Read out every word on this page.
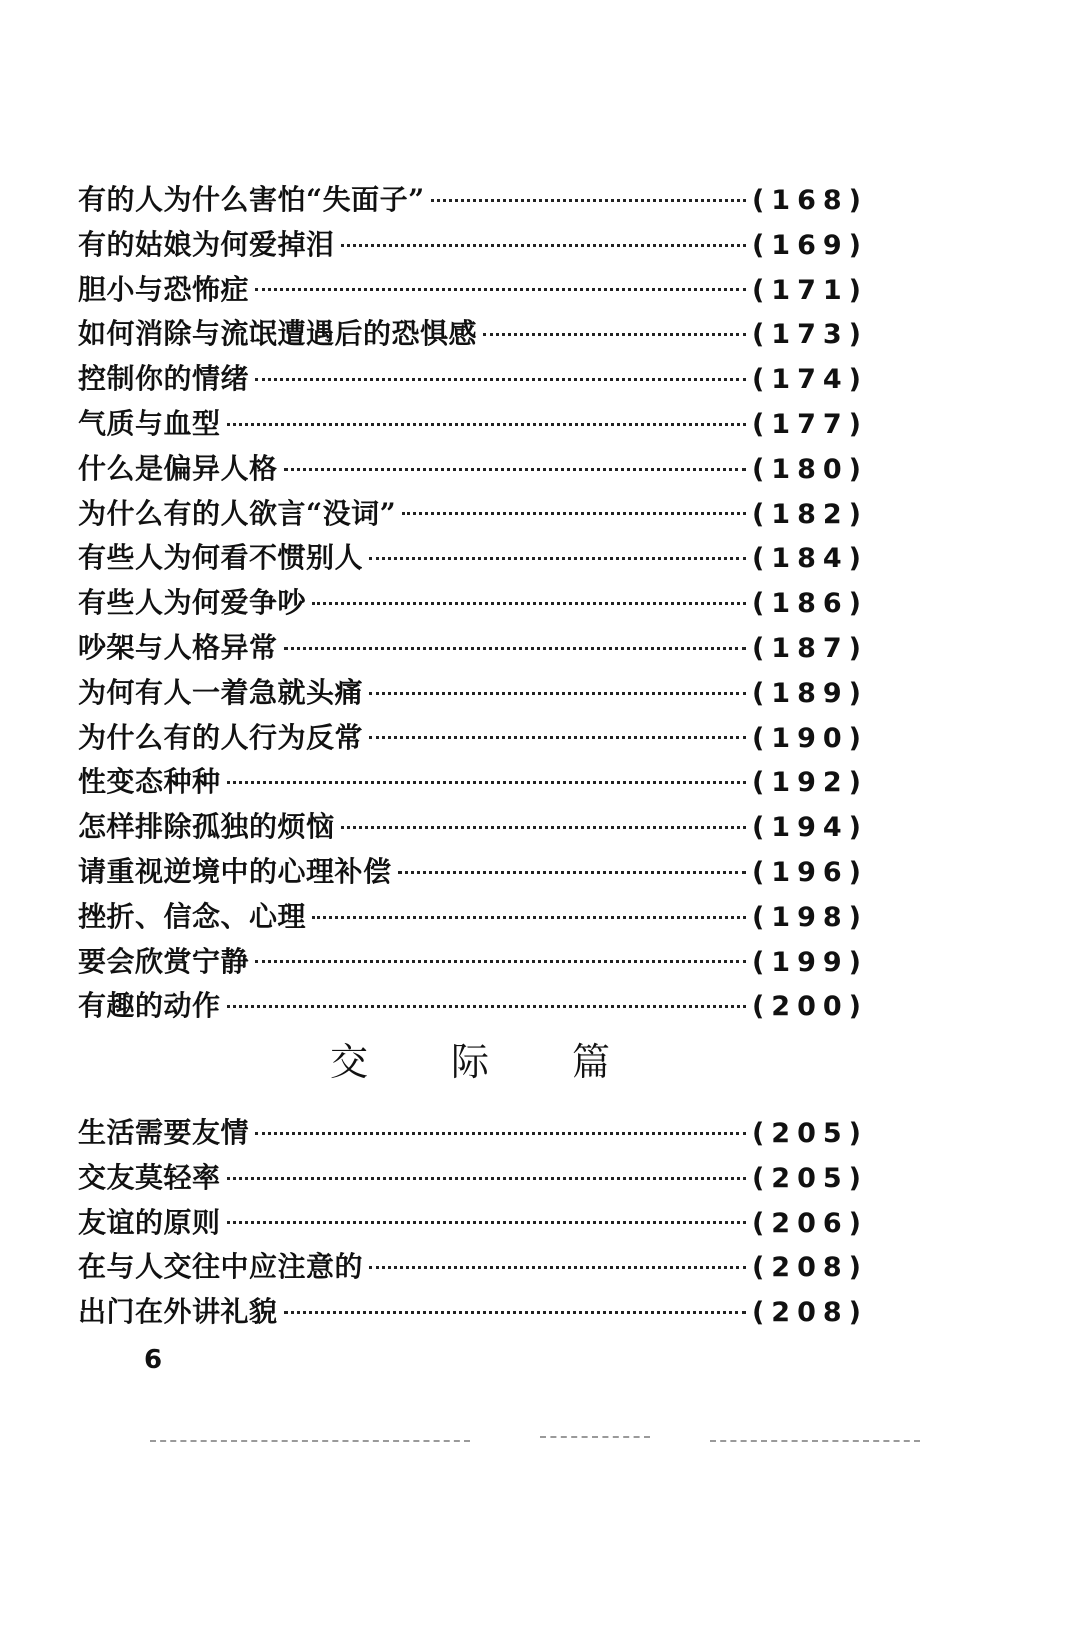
有的人为什么害怕“失面子”	(168)
有的姑娘为何爱掉泪	(169)
胆小与恐怖症	(171)
如何消除与流氓遭遇后的恐惧感	(173)
控制你的情绪	(174)
气质与血型	(177)
什么是偏异人格	(180)
为什么有的人欲言“没词”	(182)
有些人为何看不惯别人	(184)
有些人为何爱争吵	(186)
吵架与人格异常	(187)
为何有人一着急就头痛	(189)
为什么有的人行为反常	(190)
性变态种种	(192)
怎样排除孤独的烦恼	(194)
请重视逆境中的心理补偿	(196)
挫折、信念、心理	(198)
要会欣赏宁静	(199)
有趣的动作	(200)
交 际 篇
生活需要友情	(205)
交友莫轻率	(205)
友谊的原则	(206)
在与人交往中应注意的	(208)
出门在外讲礼貌	(208)
6
